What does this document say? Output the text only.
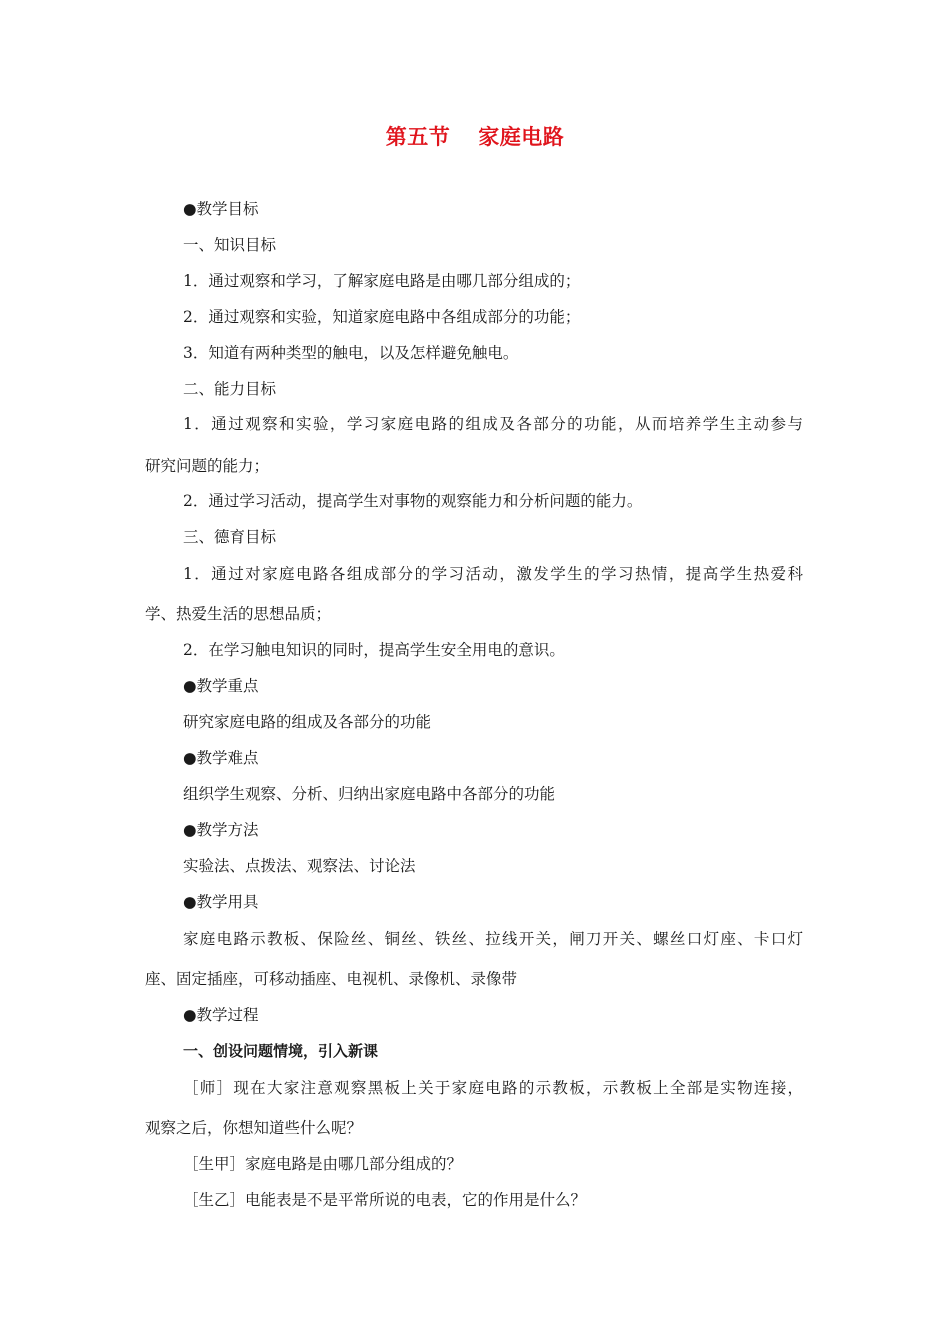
第五节 家庭电路
●教学目标
一、知识目标
1．通过观察和学习，了解家庭电路是由哪几部分组成的；
2．通过观察和实验，知道家庭电路中各组成部分的功能；
3．知道有两种类型的触电，以及怎样避免触电。
二、能力目标
1．通过观察和实验，学习家庭电路的组成及各部分的功能，从而培养学生主动参与
研究问题的能力；
2．通过学习活动，提高学生对事物的观察能力和分析问题的能力。
三、德育目标
1．通过对家庭电路各组成部分的学习活动，激发学生的学习热情，提高学生热爱科
学、热爱生活的思想品质；
2．在学习触电知识的同时，提高学生安全用电的意识。
●教学重点
研究家庭电路的组成及各部分的功能
●教学难点
组织学生观察、分析、归纳出家庭电路中各部分的功能
●教学方法
实验法、点拨法、观察法、讨论法
●教学用具
家庭电路示教板、保险丝、铜丝、铁丝、拉线开关，闸刀开关、螺丝口灯座、卡口灯
座、固定插座，可移动插座、电视机、录像机、录像带
●教学过程
一、创设问题情境，引入新课
［师］现在大家注意观察黑板上关于家庭电路的示教板，示教板上全部是实物连接，
观察之后，你想知道些什么呢？
［生甲］家庭电路是由哪几部分组成的？
［生乙］电能表是不是平常所说的电表，它的作用是什么？
